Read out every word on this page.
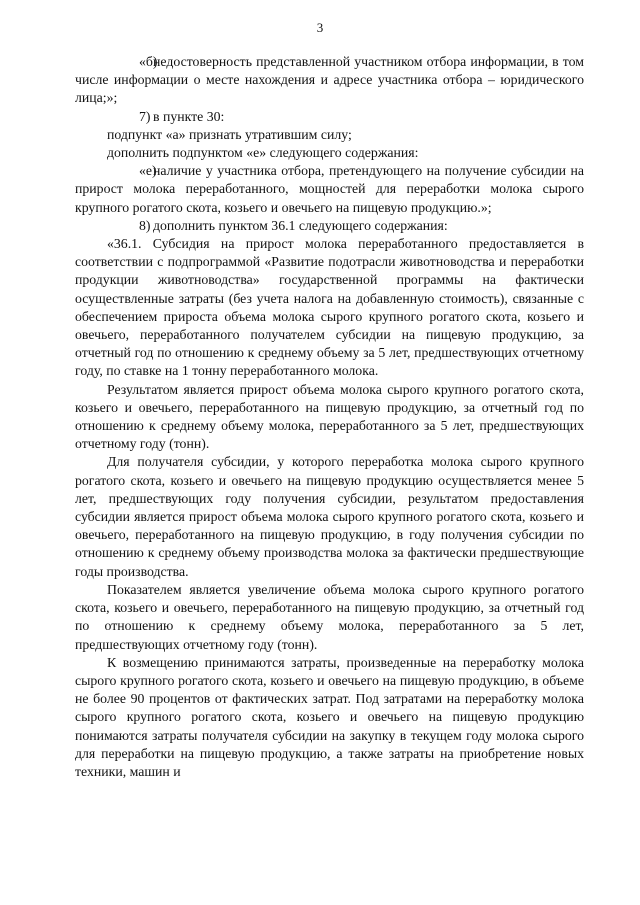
3

«б)недостоверность представленной участником отбора информации, в том числе информации о месте нахождения и адресе участника отбора – юридического лица;»;

7) в пункте 30:

подпункт «а» признать утратившим силу;

дополнить подпунктом «е» следующего содержания:

«е)наличие у участника отбора, претендующего на получение субсидии на прирост молока переработанного, мощностей для переработки молока сырого крупного рогатого скота, козьего и овечьего на пищевую продукцию.»;

8) дополнить пунктом 36.1 следующего содержания:

«36.1. Субсидия на прирост молока переработанного предоставляется в соответствии с подпрограммой «Развитие подотрасли животноводства и переработки продукции животноводства» государственной программы на фактически осуществленные затраты (без учета налога на добавленную стоимость), связанные с обеспечением прироста объема молока сырого крупного рогатого скота, козьего и овечьего, переработанного получателем субсидии на пищевую продукцию, за отчетный год по отношению к среднему объему за 5 лет, предшествующих отчетному году, по ставке на 1 тонну переработанного молока.

Результатом является прирост объема молока сырого крупного рогатого скота, козьего и овечьего, переработанного на пищевую продукцию, за отчетный год по отношению к среднему объему молока, переработанного за 5 лет, предшествующих отчетному году (тонн).

Для получателя субсидии, у которого переработка молока сырого крупного рогатого скота, козьего и овечьего на пищевую продукцию осуществляется менее 5 лет, предшествующих году получения субсидии, результатом предоставления субсидии является прирост объема молока сырого крупного рогатого скота, козьего и овечьего, переработанного на пищевую продукцию, в году получения субсидии по отношению к среднему объему производства молока за фактически предшествующие годы производства.

Показателем является увеличение объема молока сырого крупного рогатого скота, козьего и овечьего, переработанного на пищевую продукцию, за отчетный год по отношению к среднему объему молока, переработанного за 5 лет, предшествующих отчетному году (тонн).

К возмещению принимаются затраты, произведенные на переработку молока сырого крупного рогатого скота, козьего и овечьего на пищевую продукцию, в объеме не более 90 процентов от фактических затрат. Под затратами на переработку молока сырого крупного рогатого скота, козьего и овечьего на пищевую продукцию понимаются затраты получателя субсидии на закупку в текущем году молока сырого для переработки на пищевую продукцию, а также затраты на приобретение новых техники, машин и
